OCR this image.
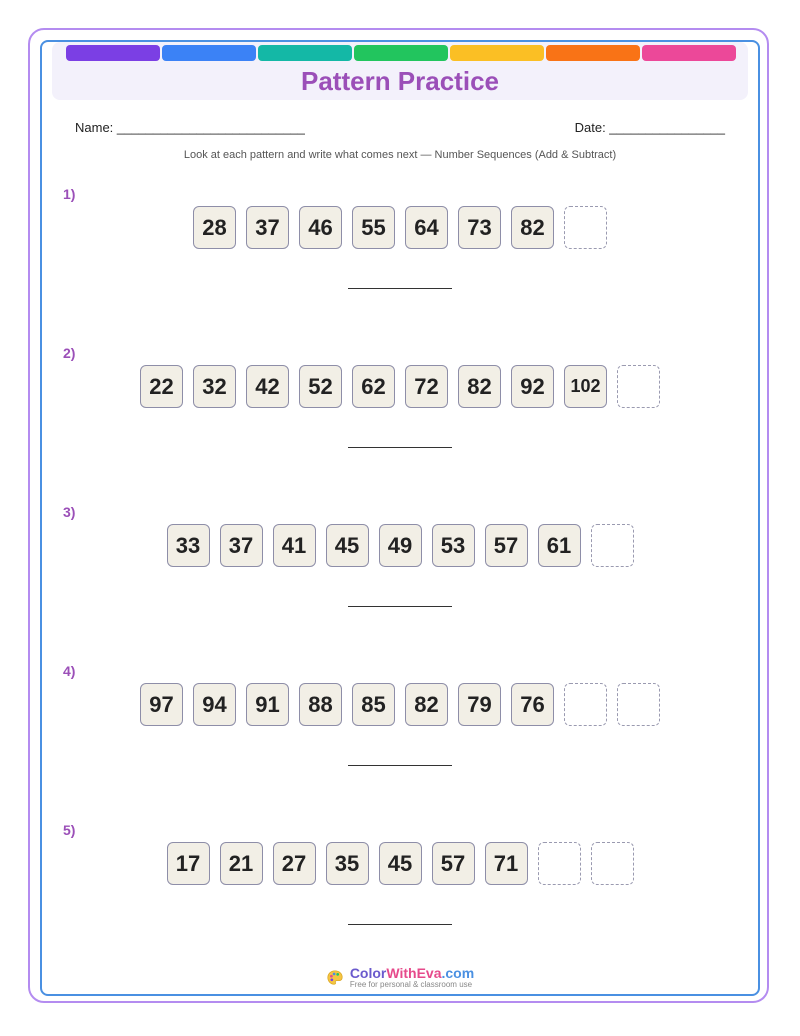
Pattern Practice
Name: __________________________	Date: ________________
Look at each pattern and write what comes next — Number Sequences (Add & Subtract)
1)
28	37	46	55	64	73	82
2)
22	32	42	52	62	72	82	92	102
3)
33	37	41	45	49	53	57	61
4)
97	94	91	88	85	82	79	76
5)
17	21	27	35	45	57	71
ColorWithEva.com
Free for personal & classroom use
